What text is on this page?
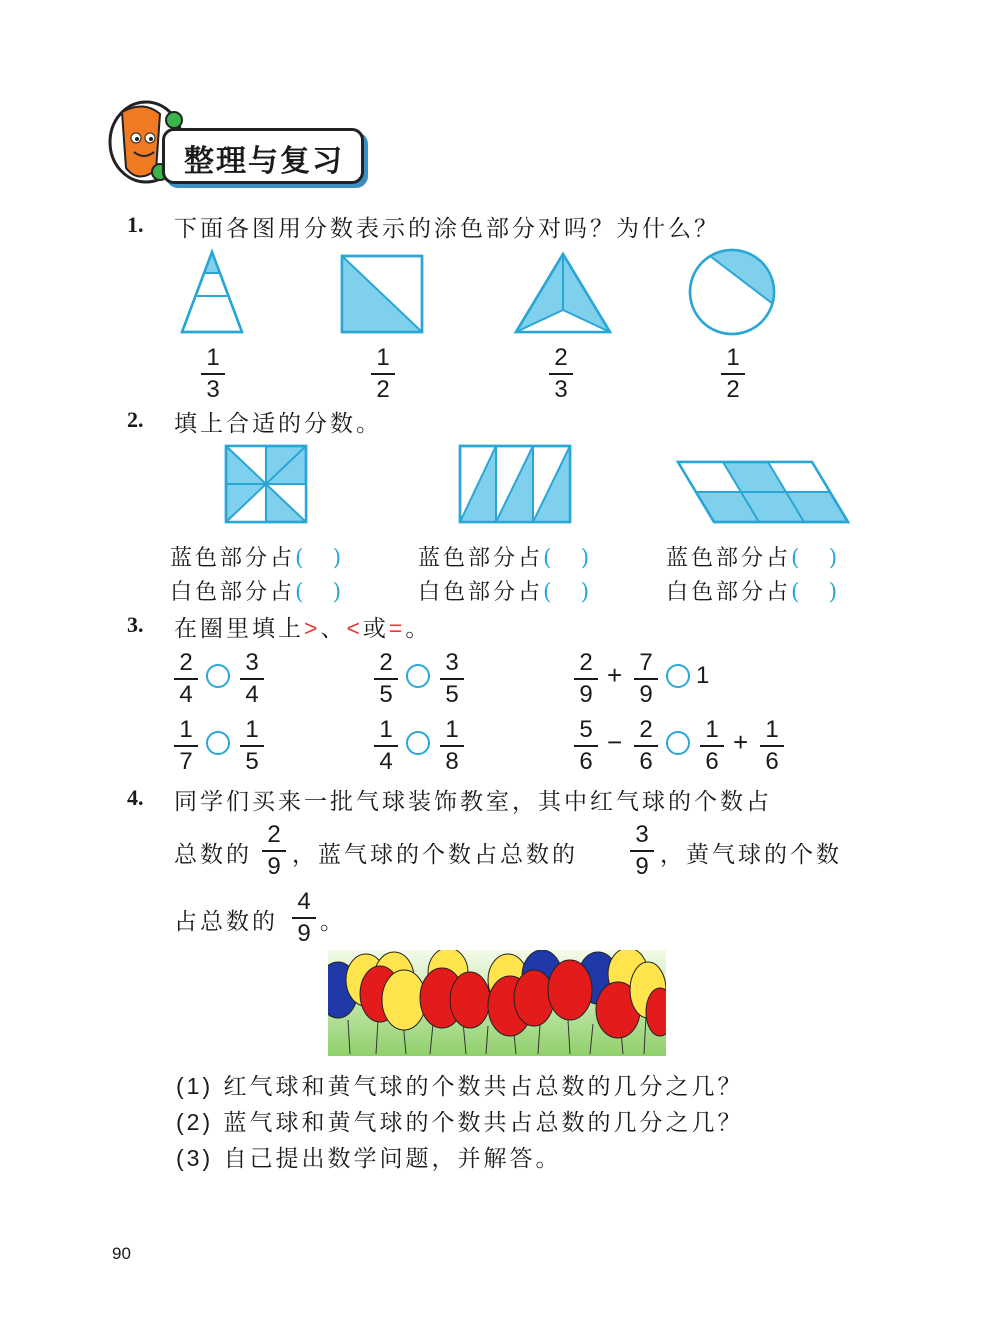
整理与复习
1. 下面各图用分数表示的涂色部分对吗？为什么？
$\frac{1}{3}$	$\frac{1}{2}$	$\frac{2}{3}$	$\frac{1}{2}$
2. 填上合适的分数。
蓝色部分占( )
白色部分占( )
蓝色部分占( )
白色部分占( )
蓝色部分占( )
白色部分占( )
3. 在圈里填上>、<或=。
$\frac{2}{4} \frac{3}{4}$	$\frac{2}{5} \frac{3}{5}$	$\frac{2}{9} + \frac{7}{9} 1$
$\frac{1}{7} \frac{1}{5}$	$\frac{1}{4} \frac{1}{8}$	$\frac{5}{6} - \frac{2}{6} \frac{1}{6} + \frac{1}{6}$
4. 同学们买来一批气球装饰教室，其中红气球的个数占
总数的 $\frac{2}{9}$ ，蓝气球的个数占总数的 $\frac{3}{9}$ ，黄气球的个数
占总数的 $\frac{4}{9}$ 。
(1) 红气球和黄气球的个数共占总数的几分之几？
(2) 蓝气球和黄气球的个数共占总数的几分之几？
(3) 自己提出数学问题，并解答。
90
